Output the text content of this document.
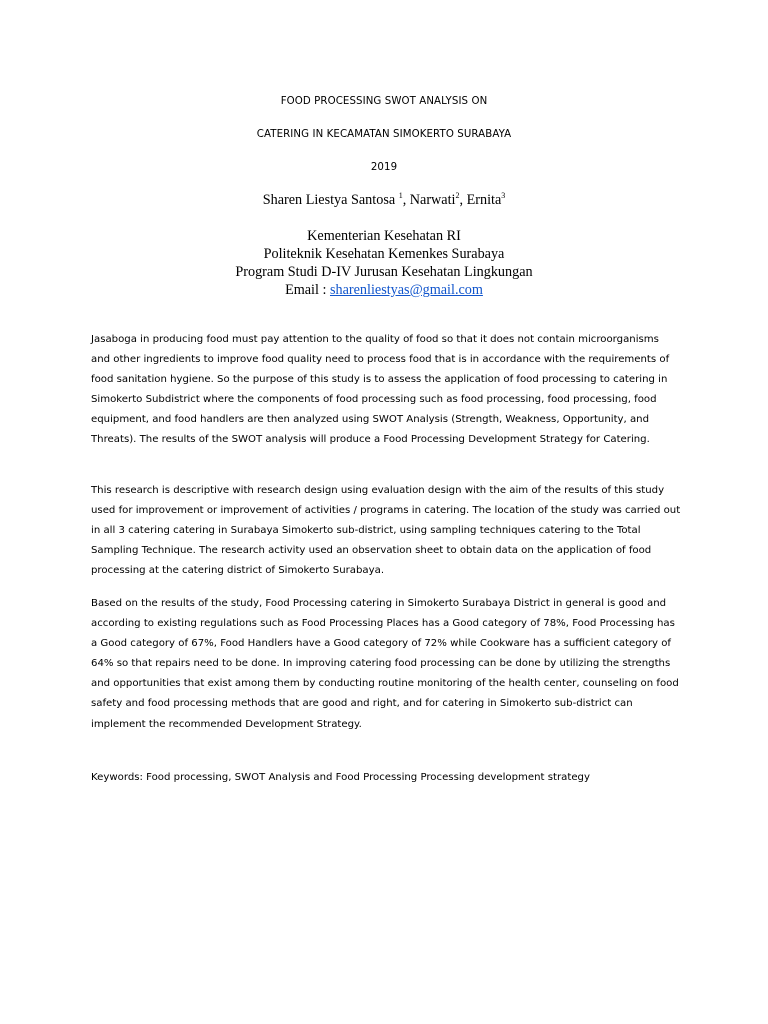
FOOD PROCESSING SWOT ANALYSIS ON
CATERING IN KECAMATAN SIMOKERTO SURABAYA
2019
Sharen Liestya Santosa $^1$, Narwati$^2$, Ernita$^3$
Kementerian Kesehatan RI
Politeknik Kesehatan Kemenkes Surabaya
Program Studi D-IV Jurusan Kesehatan Lingkungan
Email : sharenliestyas@gmail.com

Jasaboga in producing food must pay attention to the quality of food so that it does not contain microorganisms and other ingredients to improve food quality need to process food that is in accordance with the requirements of food sanitation hygiene. So the purpose of this study is to assess the application of food processing to catering in Simokerto Subdistrict where the components of food processing such as food processing, food processing, food equipment, and food handlers are then analyzed using SWOT Analysis (Strength, Weakness, Opportunity, and Threats). The results of the SWOT analysis will produce a Food Processing Development Strategy for Catering.

This research is descriptive with research design using evaluation design with the aim of the results of this study used for improvement or improvement of activities / programs in catering. The location of the study was carried out in all 3 catering catering in Surabaya Simokerto sub-district, using sampling techniques catering to the Total Sampling Technique. The research activity used an observation sheet to obtain data on the application of food processing at the catering district of Simokerto Surabaya.

Based on the results of the study, Food Processing catering in Simokerto Surabaya District in general is good and according to existing regulations such as Food Processing Places has a Good category of 78%, Food Processing has a Good category of 67%, Food Handlers have a Good category of 72% while Cookware has a sufficient category of 64% so that repairs need to be done. In improving catering food processing can be done by utilizing the strengths and opportunities that exist among them by conducting routine monitoring of the health center, counseling on food safety and food processing methods that are good and right, and for catering in Simokerto sub-district can implement the recommended Development Strategy.

Keywords: Food processing, SWOT Analysis and Food Processing Processing development strategy
